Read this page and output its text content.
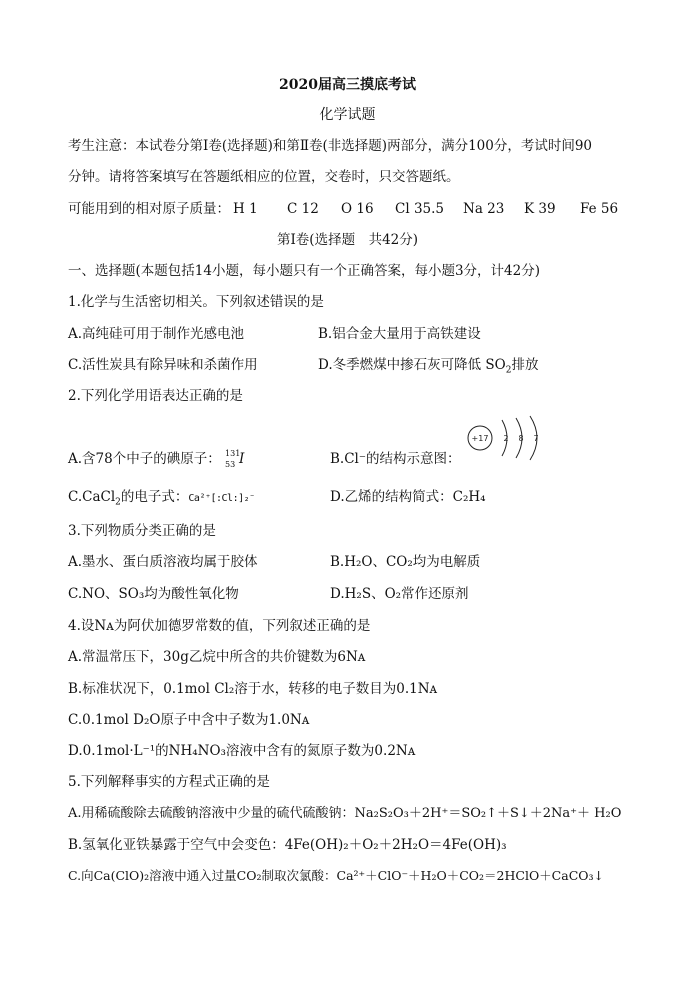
2020届高三摸底考试
化学试题
考生注意：本试卷分第Ⅰ卷(选择题)和第Ⅱ卷(非选择题)两部分，满分100分，考试时间90
分钟。请将答案填写在答题纸相应的位置，交卷时，只交答题纸。
可能用到的相对原子质量： H 1 C 12 O 16 Cl 35.5 Na 23 K 39 Fe 56
第Ⅰ卷(选择题　共42分)
一、选择题(本题包括14小题，每小题只有一个正确答案，每小题3分，计42分)
1.化学与生活密切相关。下列叙述错误的是
A.高纯硅可用于制作光感电池	B.铝合金大量用于高铁建设
C.活性炭具有除异味和杀菌作用	D.冬季燃煤中掺石灰可降低 $SO_2$排放
2.下列化学用语表达正确的是
A.含78个中子的碘原子： 131
53 I	B.Cl⁻的结构示意图：
+17 2 8 7
C.CaCl$_2$的电子式：Ca²⁺[:Cl:]₂⁻	D.乙烯的结构简式：C₂H₄
3.下列物质分类正确的是
A.墨水、蛋白质溶液均属于胶体	B.H₂O、CO₂均为电解质
C.NO、SO₃均为酸性氧化物	D.H₂S、O₂常作还原剂
4.设Nᴀ为阿伏加德罗常数的值，下列叙述正确的是
A.常温常压下，30g乙烷中所含的共价键数为6Nᴀ
B.标准状况下，0.1mol Cl₂溶于水，转移的电子数目为0.1Nᴀ
C.0.1mol D₂O原子中含中子数为1.0Nᴀ
D.0.1mol·L⁻¹的NH₄NO₃溶液中含有的氮原子数为0.2Nᴀ
5.下列解释事实的方程式正确的是
A.用稀硫酸除去硫酸钠溶液中少量的硫代硫酸钠：Na₂S₂O₃＋2H⁺＝SO₂↑＋S↓＋2Na⁺＋ H₂O
B.氢氧化亚铁暴露于空气中会变色：4Fe(OH)₂＋O₂＋2H₂O＝4Fe(OH)₃
C.向Ca(ClO)₂溶液中通入过量CO₂制取次氯酸：Ca²⁺＋ClO⁻＋H₂O＋CO₂＝2HClO＋CaCO₃↓
